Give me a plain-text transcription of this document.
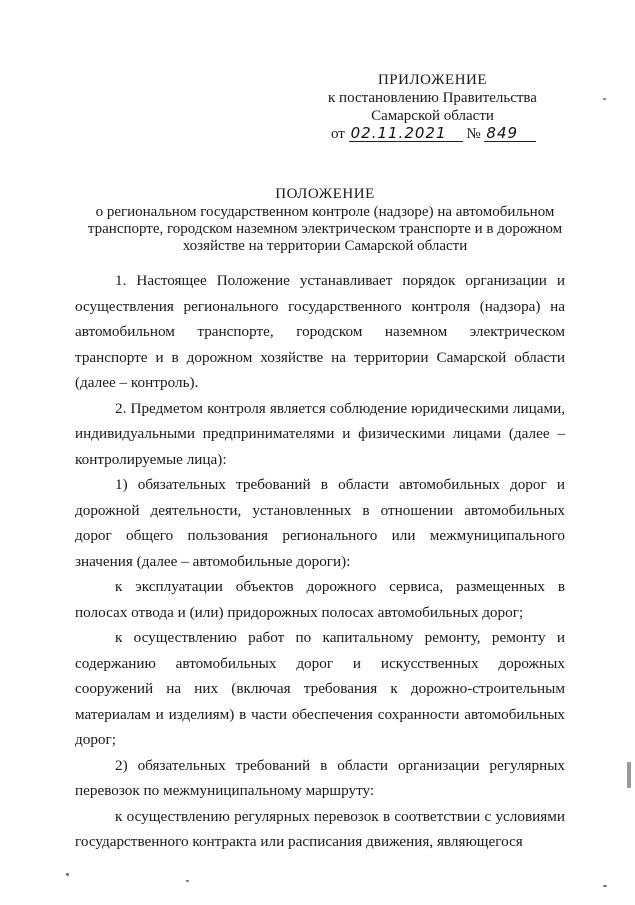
ПРИЛОЖЕНИЕ
к постановлению Правительства
Самарской области
от 02.11.2021 № 849
ПОЛОЖЕНИЕ
о региональном государственном контроле (надзоре) на автомобильном
транспорте, городском наземном электрическом транспорте и в дорожном
хозяйстве на территории Самарской области

1. Настоящее Положение устанавливает порядок организации и осуществления регионального государственного контроля (надзора) на автомобильном транспорте, городском наземном электрическом транспорте и в дорожном хозяйстве на территории Самарской области (далее – контроль).

2. Предметом контроля является соблюдение юридическими лицами, индивидуальными предпринимателями и физическими лицами (далее – контролируемые лица):

1) обязательных требований в области автомобильных дорог и дорожной деятельности, установленных в отношении автомобильных дорог общего пользования регионального или межмуниципального значения (далее – автомобильные дороги):

к эксплуатации объектов дорожного сервиса, размещенных в полосах отвода и (или) придорожных полосах автомобильных дорог;

к осуществлению работ по капитальному ремонту, ремонту и содержанию автомобильных дорог и искусственных дорожных сооружений на них (включая требования к дорожно-строительным материалам и изделиям) в части обеспечения сохранности автомобильных дорог;

2) обязательных требований в области организации регулярных перевозок по межмуниципальному маршруту:

к осуществлению регулярных перевозок в соответствии с условиями государственного контракта или расписания движения, являющегося
